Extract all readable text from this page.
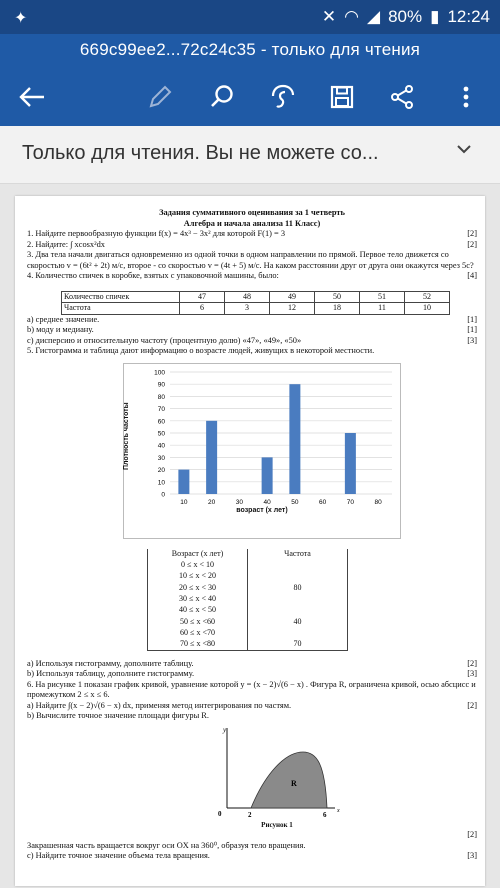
✦	✕ ◠ ◢ 80% ▮ 12:24
669c99ee2...72c24c35 - только для чтения
Только для чтения. Вы не можете со...
Задания суммативного оценивания за 1 четверть
Алгебра и начала анализа 11 Класс)
1. Найдите первообразную функции f(x) = 4x³ − 3x² для которой F(1) = 3	[2]
2. Найдите: ∫ xcosx²dx	[2]
3. Два тела начали двигаться одновременно из одной точки в одном направлении по прямой. Первое тело движется со скоростью v = (6t² + 2t) м/с, второе - со скоростью v = (4t + 5) м/с. На каком расстоянии друг от друга они окажутся через 5с?
[4]
4. Количество спичек в коробке, взятых с упаковочной машины, было:
Количество спичек	47	48	49	50	51	52
Частота	6	3	12	18	11	10
a) среднее значение.	[1]
b) моду и медиану.	[1]
c) дисперсию и относительную частоту (процентную долю) «47», «49», «50»	[3]
5. Гистограмма и таблица дают информацию о возрасте людей, живущих в некоторой местности.
0
10
20
30
40
50
60
70
80
90
100
10	20	30	40	50	60	70	80
Плотность частоты
возраст (x лет)
Возраст (x лет)	Частота
0 ≤ x < 10	
10 ≤ x < 20	
20 ≤ x < 30	80
30 ≤ x < 40	
40 ≤ x < 50	
50 ≤ x <60	40
60 ≤ x <70	
70 ≤ x <80	70
a) Используя гистограмму, дополните таблицу.	[2]
b) Используя таблицу, дополните гистограмму.	[3]
6. На рисунке 1 показан график кривой, уравнение которой y = (x − 2)√(6 − x) . Фигура R, ограничена кривой, осью абсцисс и промежутком 2 ≤ x ≤ 6.
a) Найдите ∫(x − 2)√(6 − x) dx, применяя метод интегрирования по частям.	[2]
b) Вычислите точное значение площади фигуры R.
y
x
0	2	6
R
Рисунок 1
[2]
Закрашенная часть вращается вокруг оси OX на 360⁰, образуя тело вращения.
c) Найдите точное значение объема тела вращения.	[3]
